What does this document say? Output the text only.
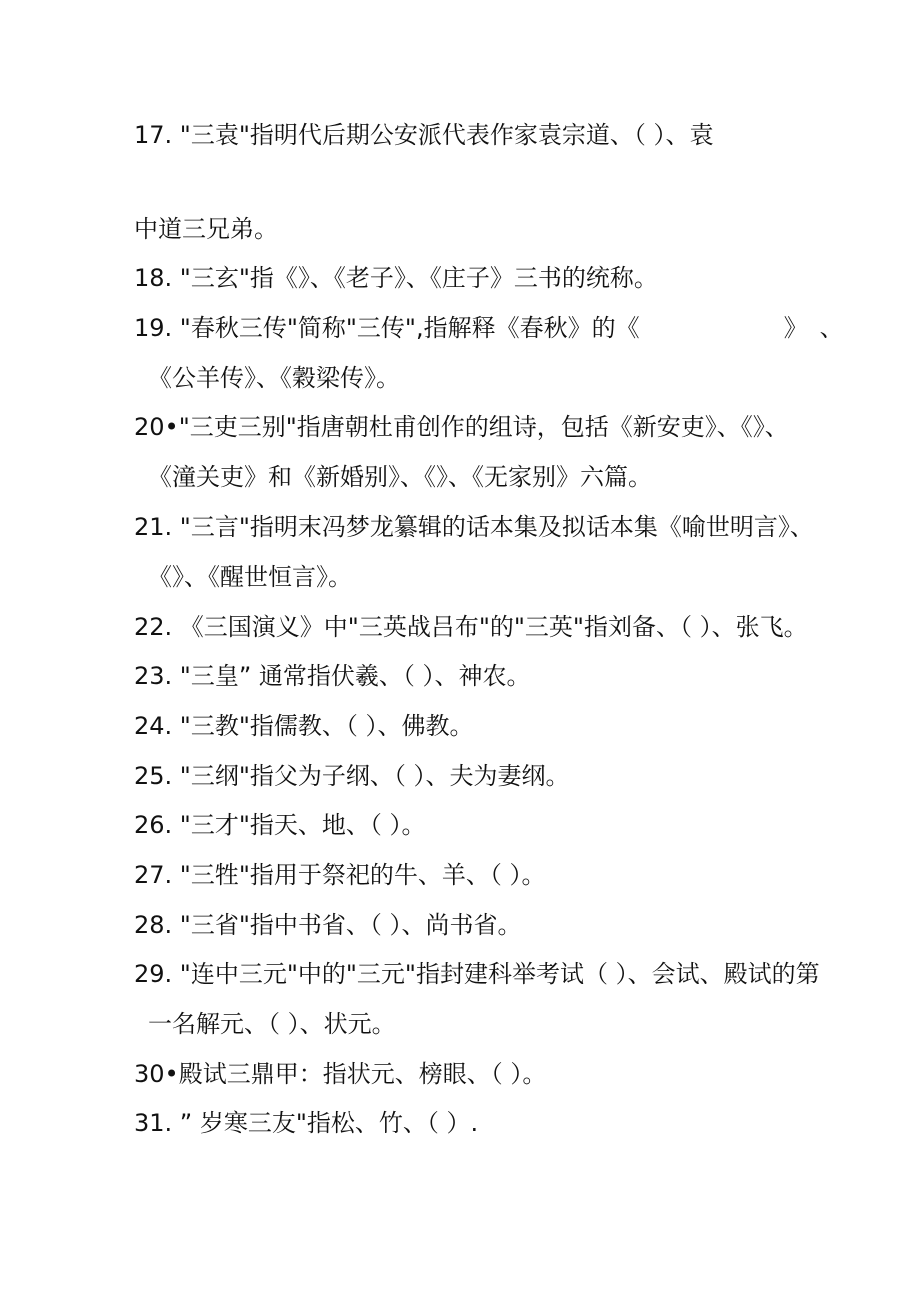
17. "三袁"指明代后期公安派代表作家袁宗道、（ ）、袁
中道三兄弟。
18. "三玄"指《》、《老子》、《庄子》三书的统称。
19. "春秋三传"简称"三传",指解释《春秋》的《　　　　　　》　、
《公羊传》、《穀梁传》。
20•"三吏三别"指唐朝杜甫创作的组诗，包括《新安吏》、《》、
《潼关吏》和《新婚别》、《》、《无家别》六篇。
21. "三言"指明末冯梦龙纂辑的话本集及拟话本集《喻世明言》、
《》、《醒世恒言》。
22. 《三国演义》中"三英战吕布"的"三英"指刘备、（ ）、张飞。
23. "三皇” 通常指伏羲、（ ）、神农。
24. "三教"指儒教、（ ）、佛教。
25. "三纲"指父为子纲、（ ）、夫为妻纲。
26. "三才"指天、地、（ ）。
27. "三牲"指用于祭祀的牛、羊、（ ）。
28. "三省"指中书省、（ ）、尚书省。
29. "连中三元"中的"三元"指封建科举考试（ ）、会试、殿试的第
一名解元、（ ）、状元。
30•殿试三鼎甲：指状元、榜眼、（ ）。
31. ” 岁寒三友"指松、竹、（ ）.
